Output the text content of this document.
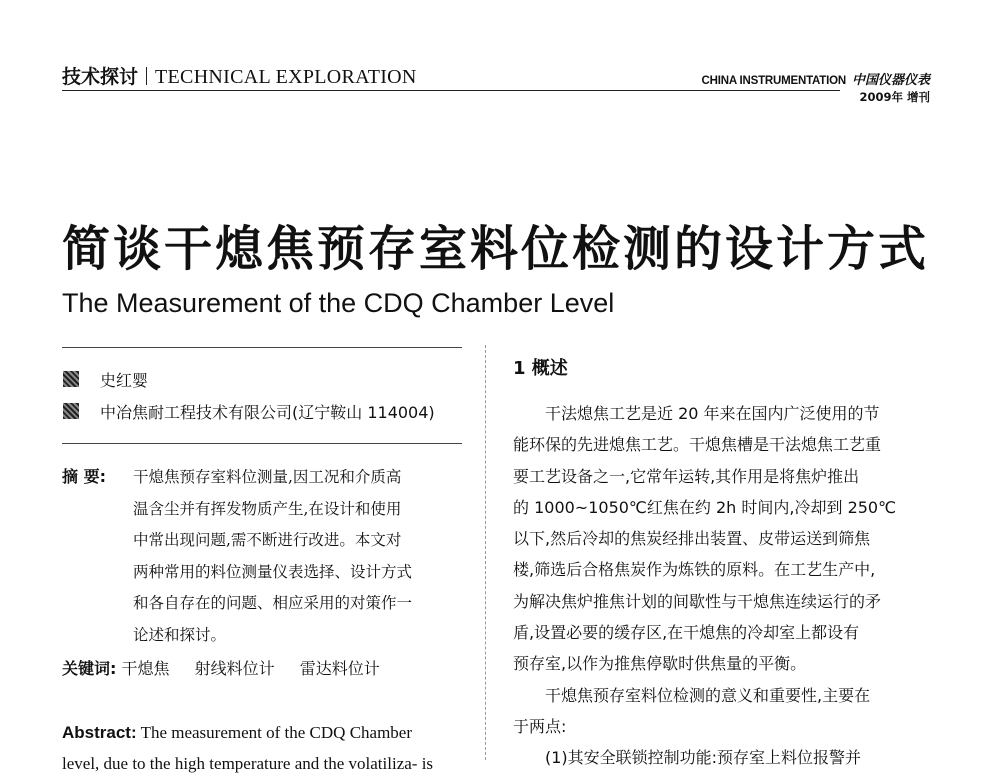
技术探讨 TECHNICAL EXPLORATION	CHINA INSTRUMENTATION 中国仪器仪表
2009年 增刊
简谈干熄焦预存室料位检测的设计方式
The Measurement of the CDQ Chamber Level
史红婴
中冶焦耐工程技术有限公司(辽宁鞍山 114004)
摘 要: 干熄焦预存室料位测量,因工况和介质高
温含尘并有挥发物质产生,在设计和使用
中常出现问题,需不断进行改进。本文对
两种常用的料位测量仪表选择、设计方式
和各自存在的问题、相应采用的对策作一
论述和探讨。
关键词: 干熄焦 射线料位计 雷达料位计
Abstract: The measurement of the CDQ Chamber
level, due to the high temperature and the volatiliza- is
1 概述
干法熄焦工艺是近 20 年来在国内广泛使用的节
能环保的先进熄焦工艺。干熄焦槽是干法熄焦工艺重
要工艺设备之一,它常年运转,其作用是将焦炉推出
的 1000~1050℃红焦在约 2h 时间内,冷却到 250℃
以下,然后冷却的焦炭经排出装置、皮带运送到筛焦
楼,筛选后合格焦炭作为炼铁的原料。在工艺生产中,
为解决焦炉推焦计划的间歇性与干熄焦连续运行的矛
盾,设置必要的缓存区,在干熄焦的冷却室上都设有
预存室,以作为推焦停歇时供焦量的平衡。
干熄焦预存室料位检测的意义和重要性,主要在
于两点:
(1)其安全联锁控制功能:预存室上料位报警并
